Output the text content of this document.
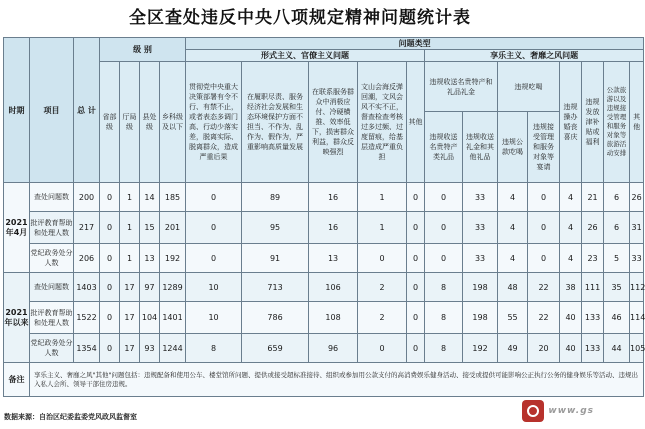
全区查处违反中央八项规定精神问题统计表
时期	项目	总 计	级 别				问题类型												
							形式主义、官僚主义问题					享乐主义、奢靡之风问题							
			省部级	厅局级	县处级	乡科级及以下	贯彻党中央重大决策部署有令不行、有禁不止，或者表态多调门高、行动少落实差，脱离实际、脱离群众，造成严重后果	在履职尽责、服务经济社会发展和生态环境保护方面不担当、不作为、乱作为、假作为，严重影响高质量发展	在联系服务群众中消极应付、冷硬横推、效率低下，损害群众利益，群众反映强烈	文山会海反弹回潮，文风会风不实不正，督查检查考核过多过频、过度留痕，给基层造成严重负担	其他	违规收送名贵特产和礼品礼金		违规吃喝		违规操办婚丧喜庆	违规发放津补贴或福利	公款旅游以及违规接受管理和服务对象等旅游活动安排	其他
												违规收送名贵特产类礼品	违规收送礼金和其他礼品	违规公款吃喝	违规接受管理和服务对象等宴请				
2021年4月	查处问题数	200	0	1	14	185	0	89	16	1	0	0	33	4	0	4	21	6	26
	批评教育帮助和处理人数	217	0	1	15	201	0	95	16	1	0	0	33	4	0	4	26	6	31
	党纪政务处分人数	206	0	1	13	192	0	91	13	0	0	0	33	4	0	4	23	5	33
2021年以来	查处问题数	1403	0	17	97	1289	10	713	106	2	0	8	198	48	22	38	111	35	112
	批评教育帮助和处理人数	1522	0	17	104	1401	10	786	108	2	0	8	198	55	22	40	133	46	114
	党纪政务处分人数	1354	0	17	93	1244	8	659	96	0	0	8	192	49	20	40	133	44	105
备注	享乐主义、奢靡之风"其他"问题包括：违规配备和使用公车、楼堂馆所问题、提供或接受超标准接待、组织或参加用公款支付的高消费娱乐健身活动、接受或提供可能影响公正执行公务的健身娱乐等活动、违规出入私人会所、领导干部住房违规。																		
数据来源：自治区纪委监委党风政风监督室
www.gs
